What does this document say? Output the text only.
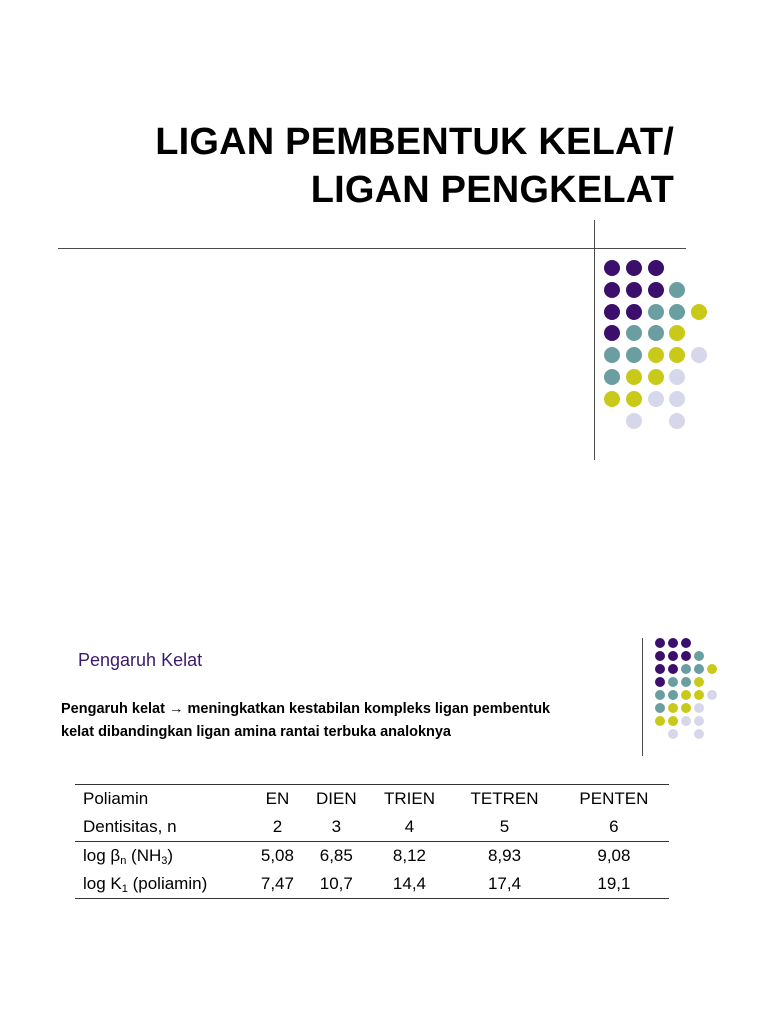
LIGAN PEMBENTUK KELAT/
LIGAN PENGKELAT
Pengaruh Kelat
Pengaruh kelat → meningkatkan kestabilan kompleks ligan pembentuk
kelat dibandingkan ligan amina rantai terbuka analoknya
Poliamin	EN	DIEN	TRIEN	TETREN	PENTEN
Dentisitas, n	2	3	4	5	6
$\log \beta_n$ $(NH_3)$	5,08	6,85	8,12	8,93	9,08
$\log K_1$ (poliamin)	7,47	10,7	14,4	17,4	19,1
